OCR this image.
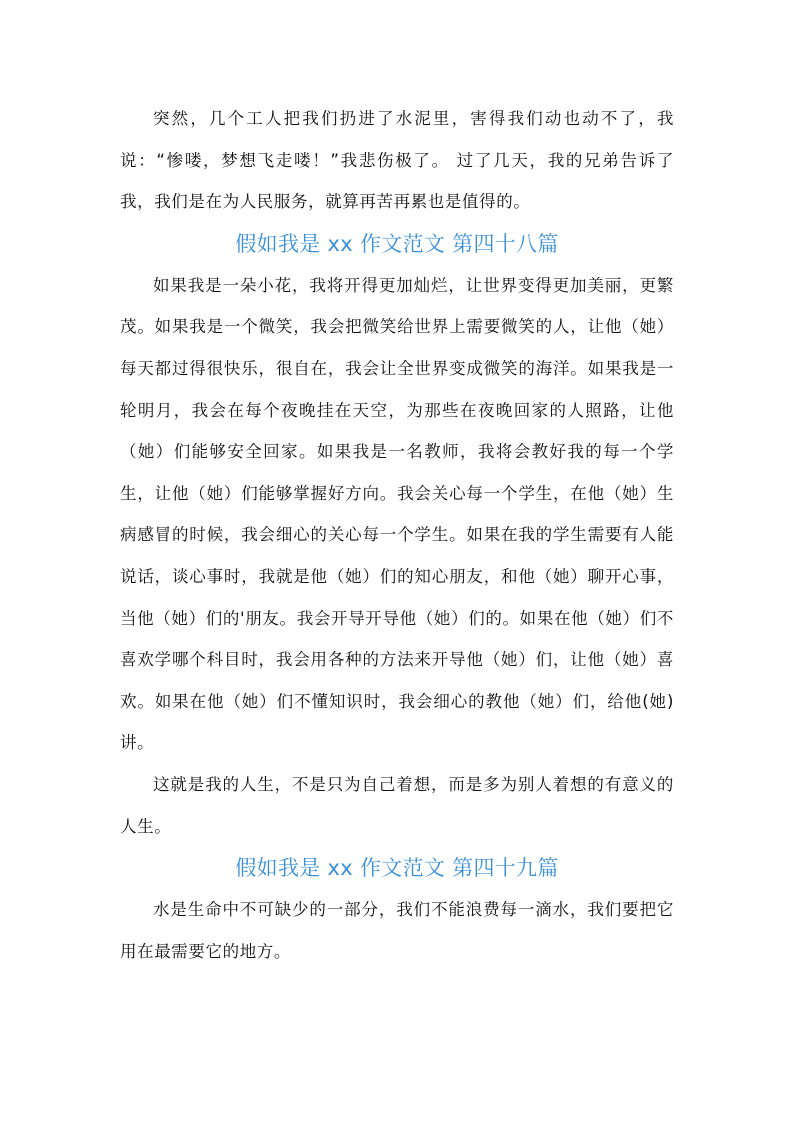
突然，几个工人把我们扔进了水泥里，害得我们动也动不了，我说：“惨喽，梦想飞走喽！”我悲伤极了。 过了几天，我的兄弟告诉了我，我们是在为人民服务，就算再苦再累也是值得的。

假如我是 xx 作文范文 第四十八篇

如果我是一朵小花，我将开得更加灿烂，让世界变得更加美丽，更繁茂。如果我是一个微笑，我会把微笑给世界上需要微笑的人，让他（她）每天都过得很快乐，很自在，我会让全世界变成微笑的海洋。如果我是一轮明月，我会在每个夜晚挂在天空，为那些在夜晚回家的人照路，让他（她）们能够安全回家。如果我是一名教师，我将会教好我的每一个学生，让他（她）们能够掌握好方向。我会关心每一个学生，在他（她）生病感冒的时候，我会细心的关心每一个学生。如果在我的学生需要有人能说话，谈心事时，我就是他（她）们的知心朋友，和他（她）聊开心事，当他（她）们的'朋友。我会开导开导他（她）们的。如果在他（她）们不喜欢学哪个科目时，我会用各种的方法来开导他（她）们，让他（她）喜欢。如果在他（她）们不懂知识时，我会细心的教他（她）们，给他(她)讲。

这就是我的人生，不是只为自己着想，而是多为别人着想的有意义的人生。

假如我是 xx 作文范文 第四十九篇

水是生命中不可缺少的一部分，我们不能浪费每一滴水，我们要把它用在最需要它的地方。
